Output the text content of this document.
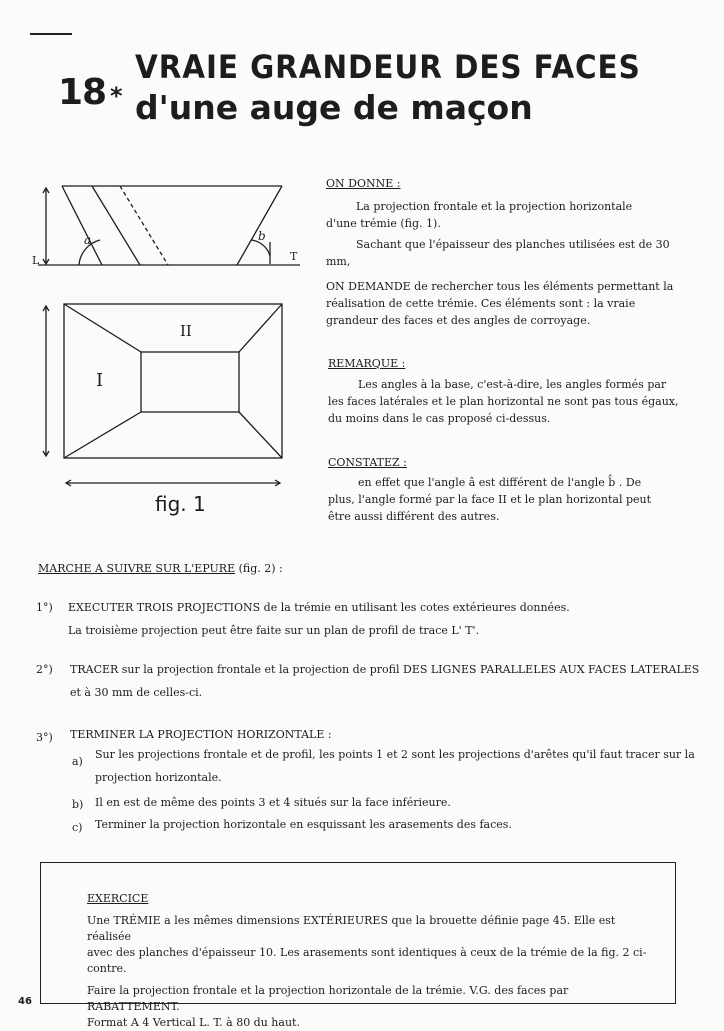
18 *
VRAIE GRANDEUR DES FACES
d'une auge de maçon
L	T
a	b
I
II
fig. 1
ON DONNE :
La projection frontale et la projection horizontale
d'une trémie (fig. 1).
Sachant que l'épaisseur des planches utilisées est de 30 mm,
ON DEMANDE de rechercher tous les éléments permettant la
réalisation de cette trémie. Ces éléments sont : la vraie
grandeur des faces et des angles de corroyage.
REMARQUE :
Les angles à la base, c'est-à-dire, les angles formés par
les faces latérales et le plan horizontal ne sont pas tous égaux,
du moins dans le cas proposé ci-dessus.
CONSTATEZ :
en effet que l'angle â est différent de l'angle b̂ . De
plus, l'angle formé par la face II et le plan horizontal peut
être aussi différent des autres.
MARCHE A SUIVRE SUR L'EPURE (fig. 2) :
1°) EXECUTER TROIS PROJECTIONS de la trémie en utilisant les cotes extérieures données.
La troisième projection peut être faite sur un plan de profil de trace L' T'.
2°) TRACER sur la projection frontale et la projection de profil DES LIGNES PARALLELES AUX FACES LATERALES
et à 30 mm de celles-ci.
3°) TERMINER LA PROJECTION HORIZONTALE :
a)
Sur les projections frontale et de profil, les points 1 et 2 sont les projections d'arêtes qu'il faut tracer sur la
projection horizontale.
b) Il en est de même des points 3 et 4 situés sur la face inférieure.
c) Terminer la projection horizontale en esquissant les arasements des faces.
EXERCICE
Une TRÉMIE a les mêmes dimensions EXTÉRIEURES que la brouette définie page 45. Elle est réalisée
avec des planches d'épaisseur 10. Les arasements sont identiques à ceux de la trémie de la fig. 2 ci-contre.
Faire la projection frontale et la projection horizontale de la trémie. V.G. des faces par RABATTEMENT.
Format A 4 Vertical L. T. à 80 du haut.
46
